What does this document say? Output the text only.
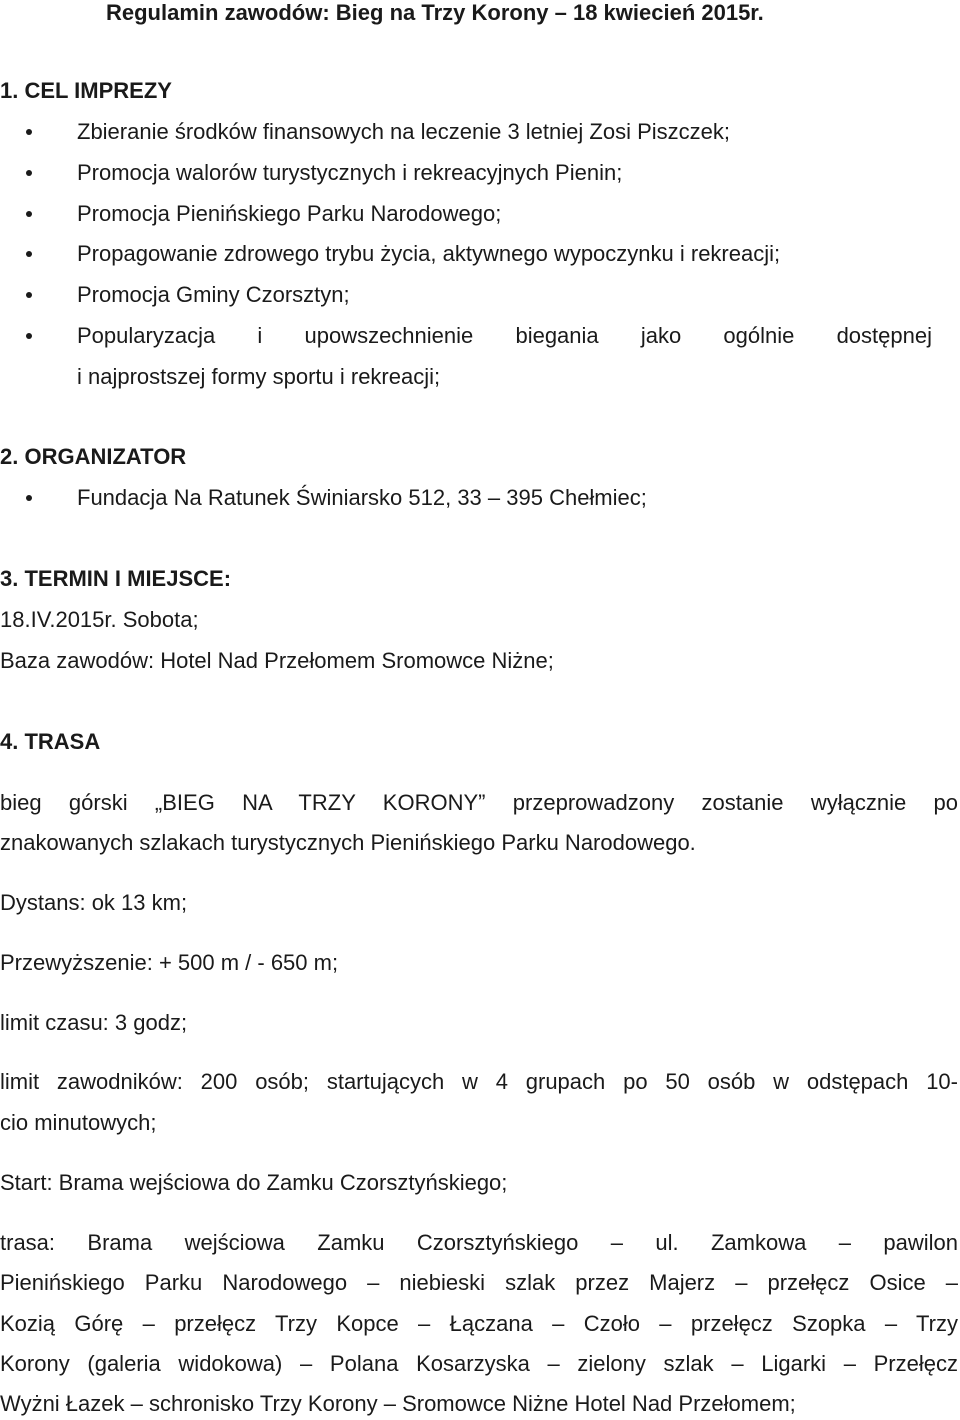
Regulamin zawodów: Bieg na Trzy Korony – 18 kwiecień 2015r.
1. CEL IMPREZY
Zbieranie środków finansowych na leczenie 3 letniej Zosi Piszczek;
Promocja walorów turystycznych i rekreacyjnych Pienin;
Promocja Pienińskiego Parku Narodowego;
Propagowanie zdrowego trybu życia, aktywnego wypoczynku i rekreacji;
Promocja Gminy Czorsztyn;
Popularyzacja i upowszechnienie biegania jako ogólnie dostępnej

i najprostszej formy sportu i rekreacji;

2. ORGANIZATOR
Fundacja Na Ratunek Świniarsko 512, 33 – 395 Chełmiec;
3. TERMIN I MIEJSCE:

18.IV.2015r. Sobota;

Baza zawodów: Hotel Nad Przełomem Sromowce Niżne;

4. TRASA

bieg górski „BIEG NA TRZY KORONY” przeprowadzony zostanie wyłącznie po

znakowanych szlakach turystycznych Pienińskiego Parku Narodowego.

Dystans: ok 13 km;

Przewyższenie: + 500 m / - 650 m;

limit czasu: 3 godz;

limit zawodników: 200 osób; startujących w 4 grupach po 50 osób w odstępach 10-

cio minutowych;

Start: Brama wejściowa do Zamku Czorsztyńskiego;

trasa: Brama wejściowa Zamku Czorsztyńskiego – ul. Zamkowa – pawilon

Pienińskiego Parku Narodowego – niebieski szlak przez Majerz – przełęcz Osice –

Kozią Górę – przełęcz Trzy Kopce – Łączana – Czoło – przełęcz Szopka – Trzy

Korony (galeria widokowa) – Polana Kosarzyska – zielony szlak – Ligarki – Przełęcz

Wyżni Łazek – schronisko Trzy Korony – Sromowce Niżne Hotel Nad Przełomem;
